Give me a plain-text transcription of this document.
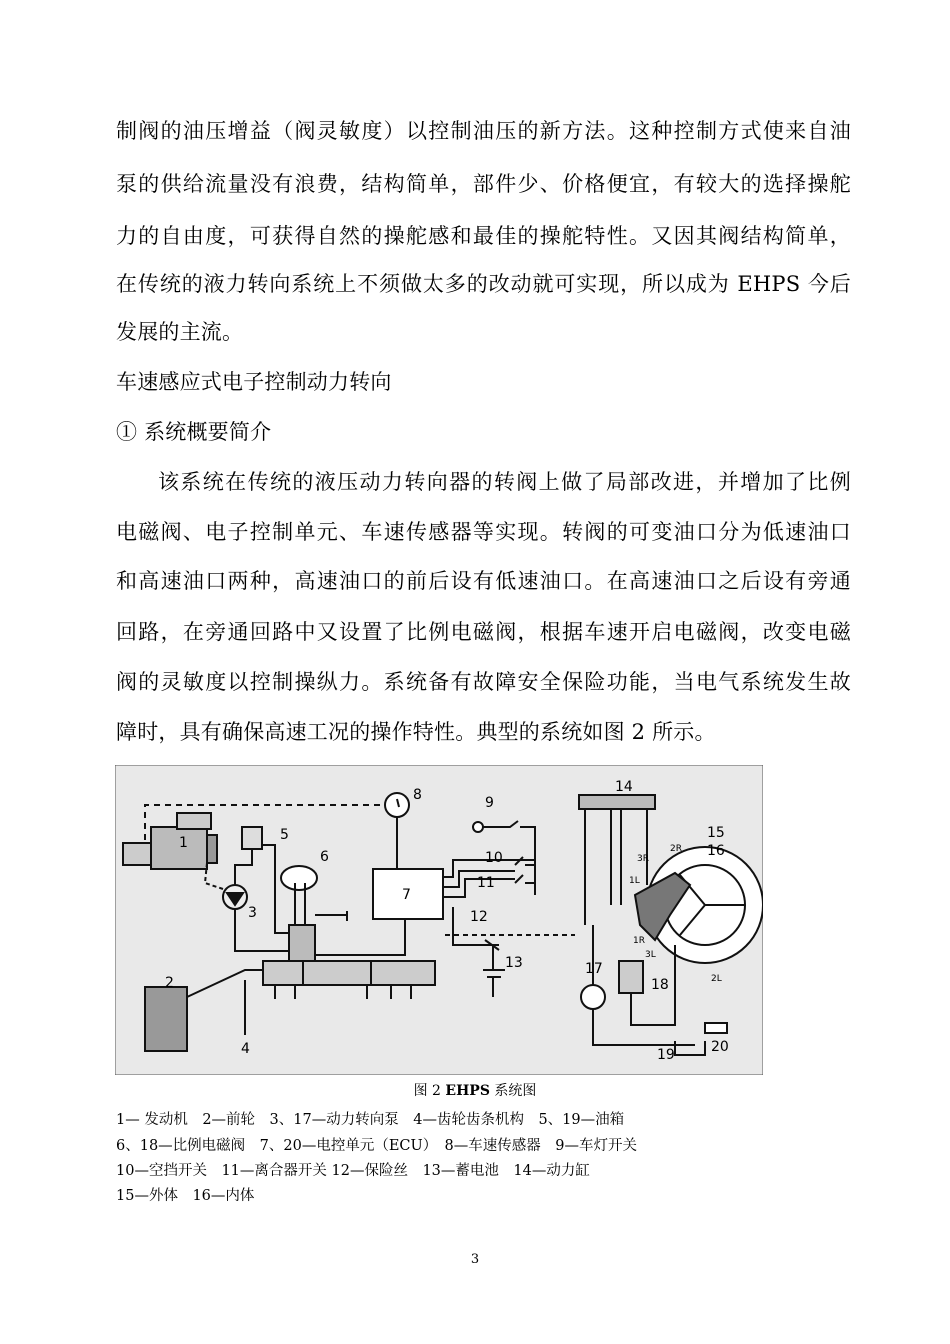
制阀的油压增益（阀灵敏度）以控制油压的新方法。这种控制方式使来自油
泵的供给流量没有浪费，结构简单，部件少、价格便宜，有较大的选择操舵
力的自由度，可获得自然的操舵感和最佳的操舵特性。又因其阀结构简单，
在传统的液力转向系统上不须做太多的改动就可实现，所以成为 EHPS 今后
发展的主流。
车速感应式电子控制动力转向
① 系统概要简介
该系统在传统的液压动力转向器的转阀上做了局部改进，并增加了比例
电磁阀、电子控制单元、车速传感器等实现。转阀的可变油口分为低速油口
和高速油口两种，高速油口的前后设有低速油口。在高速油口之后设有旁通
回路，在旁通回路中又设置了比例电磁阀，根据车速开启电磁阀，改变电磁
阀的灵敏度以控制操纵力。系统备有故障安全保险功能，当电气系统发生故
障时，具有确保高速工况的操作特性。典型的系统如图 2 所示。
1
2
3
4
5
6
7
8	9
10
11
12
13
14
15
16
17
18
19	20
2R
3R
1L
1R
3L
2L
图 2 EHPS 系统图
1— 发动机　2—前轮　3、17—动力转向泵　4—齿轮齿条机构　5、19—油箱
6、18—比例电磁阀　7、20—电控单元（ECU）　8—车速传感器　9—车灯开关
10—空挡开关　11—离合器开关 12—保险丝　13—蓄电池　14—动力缸
15—外体　16—内体
3
